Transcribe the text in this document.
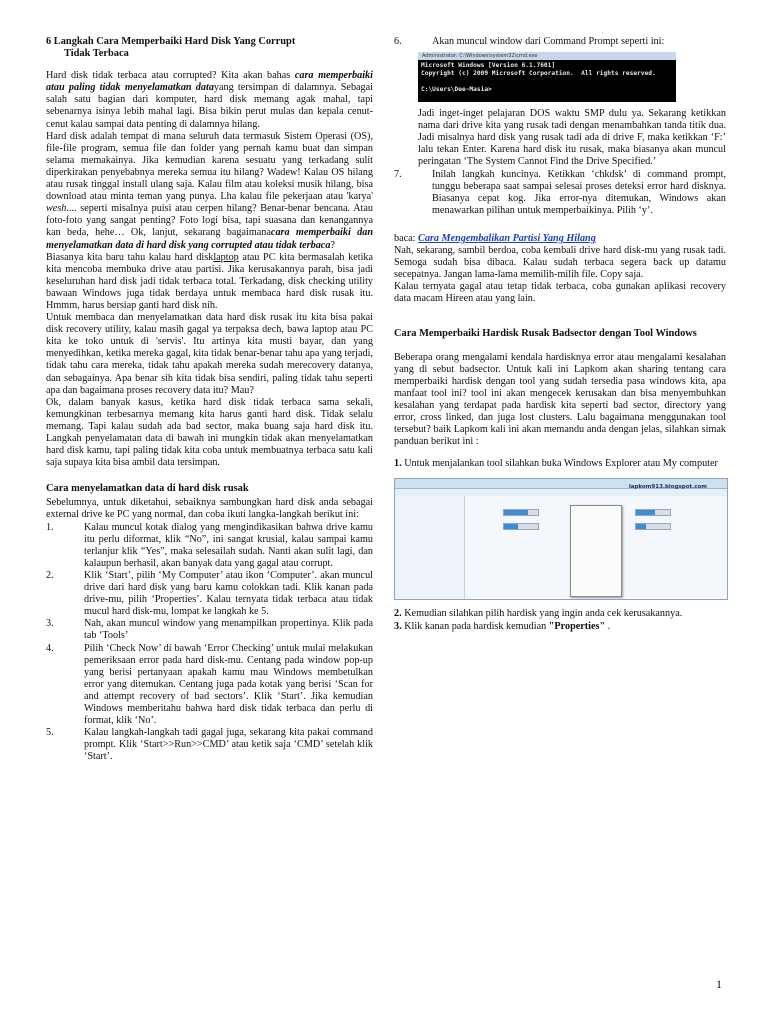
6 Langkah Cara Memperbaiki Hard Disk Yang Corrupt
Tidak Terbaca

Hard disk tidak terbaca atau corrupted? Kita akan bahas cara memperbaiki atau paling tidak menyelamatkan datayang tersimpan di dalamnya. Sebagai salah satu bagian dari komputer, hard disk memang agak mahal, tapi sebenarnya isinya lebih mahal lagi. Bisa bikin perut mulas dan kepala cenut-cenut kalau sampai data penting di dalamnya hilang.

Hard disk adalah tempat di mana seluruh data termasuk Sistem Operasi (OS), file-file program, semua file dan folder yang pernah kamu buat dan simpan selama memakainya. Jika kemudian karena sesuatu yang terkadang sulit diperkirakan penyebabnya mereka semua itu hilang? Wadew! Kalau OS hilang atau rusak tinggal install ulang saja. Kalau film atau koleksi musik hilang, bisa download atau minta teman yang punya. Lha kalau file pekerjaan atau 'karya' wesh.... seperti misalnya puisi atau cerpen hilang? Benar-benar bencana. Atau foto-foto yang sangat penting? Foto logi bisa, tapi suasana dan kenangannya kan beda, hehe… Ok, lanjut, sekarang bagaimanacara memperbaiki dan menyelamatkan data di hard disk yang corrupted atau tidak terbaca?

Biasanya kita baru tahu kalau hard disklaptop atau PC kita bermasalah ketika kita mencoba membuka drive atau partisi. Jika kerusakannya parah, bisa jadi keseluruhan hard disk jadi tidak terbaca total. Terkadang, disk checking utility bawaan Windows juga tidak berdaya untuk membaca hard disk rusak itu. Hmmm, harus bersiap ganti hard disk nih.

Untuk membaca dan menyelamatkan data hard disk rusak itu kita bisa pakai disk recovery utility, kalau masih gagal ya terpaksa dech, bawa laptop atau PC kita ke toko untuk di 'servis'. Itu artinya kita musti bayar, dan yang menyedihkan, ketika mereka gagal, kita tidak benar-benar tahu apa yang terjadi, tidak tahu cara mereka, tidak tahu apakah mereka sudah merecovery datanya, dan sebagainya. Apa benar sih kita tidak bisa sendiri, paling tidak tahu seperti apa dan bagaimana proses recovery data itu? Mau?

Ok, dalam banyak kasus, ketika hard disk tidak terbaca sama sekali, kemungkinan terbesarnya memang kita harus ganti hard disk. Tidak selalu memang. Tapi kalau sudah ada bad sector, maka buang saja hard disk itu. Langkah penyelamatan data di bawah ini mungkin tidak akan menyelamatkan hard disk kamu, tapi paling tidak kita coba untuk membuatnya terbaca satu kali saja supaya kita bisa ambil data tersimpan.

Cara menyelamatkan data di hard disk rusak

Sebelumnya, untuk diketahui, sebaiknya sambungkan hard disk anda sebagai external drive ke PC yang normal, dan coba ikuti langka-langkah berikut ini:

1.	Kalau muncul kotak dialog yang mengindikasikan bahwa drive kamu itu perlu diformat, klik “No”, ini sangat krusial, kalau sampai kamu terlanjur klik “Yes”, maka selesailah sudah. Nanti akan sulit lagi, dan kalaupun berhasil, akan banyak data yang gagal atau corrupt.
2.	Klik ‘Start’, pilih ‘My Computer’ atau ikon ‘Computer’. akan muncul drive dari hard disk yang baru kamu colokkan tadi. Klik kanan pada drive-mu, pilih ‘Properties’. Kalau ternyata tidak terbaca atau tidak mucul hard disk-mu, lompat ke langkah ke 5.
3.	Nah, akan muncul window yang menampilkan propertinya. Klik pada tab ‘Tools’
4.	Pilih ‘Check Now’ di bawah ‘Error Checking’ untuk mulai melakukan pemeriksaan error pada hard disk-mu. Centang pada window pop-up yang berisi pertanyaan apakah kamu mau Windows membetulkan error yang ditemukan. Centang juga pada kotak yang berisi ‘Scan for and attempt recovery of bad sectors’. Klik ‘Start’. Jika kemudian Windows memberitahu bahwa hard disk tidak terbaca dan perlu di format, klik ‘No’.
5.	Kalau langkah-langkah tadi gagal juga, sekarang kita pakai command prompt. Klik ‘Start>>Run>>CMD’ atau ketik saja ‘CMD’ setelah klik ‘Start’.
6.	Akan muncul window dari Command Prompt seperti ini:
Administrator: C:\Windows\system32\cmd.exe
Microsoft Windows [Version 6.1.7601]
Copyright (c) 2009 Microsoft Corporation.  All rights reserved.

C:\Users\Dee-Masia>

Jadi inget-inget pelajaran DOS waktu SMP dulu ya. Sekarang ketikkan nama dari drive kita yang rusak tadi dengan menambahkan tanda titik dua. Jadi misalnya hard disk yang rusak tadi ada di drive F, maka ketikkan ‘F:’ lalu tekan Enter. Karena hard disk itu rusak, maka biasanya akan muncul peringatan ‘The System Cannot Find the Drive Specified.’

7.	Inilah langkah kuncinya. Ketikkan ‘chkdsk’ di command prompt, tunggu beberapa saat sampai selesai proses deteksi error hard disknya. Biasanya cepat kog. Jika error-nya ditemukan, Windows akan menawarkan pilihan untuk memperbaikinya. Pilih ‘y’.

baca: Cara Mengembalikan Partisi Yang Hilang

Nah, sekarang, sambil berdoa, coba kembali drive hard disk-mu yang rusak tadi. Semoga sudah bisa dibaca. Kalau sudah terbaca segera back up datamu secepatnya. Jangan lama-lama memilih-milih file. Copy saja.

Kalau ternyata gagal atau tetap tidak terbaca, coba gunakan aplikasi recovery data macam Hireen atau yang lain.

Cara Memperbaiki Hardisk Rusak Badsector dengan Tool Windows

Beberapa orang mengalami kendala hardisknya error atau mengalami kesalahan yang di sebut badsector. Untuk kali ini Lapkom akan sharing tentang cara memperbaiki hardisk dengan tool yang sudah tersedia pasa windows kita, apa manfaat tool ini? tool ini akan mengecek kerusakan dan bisa menyembuhkan kesalahan yang terdapat pada hardisk kita seperti bad sector, directory yang error, cross linked, dan juga lost clusters. Lalu bagaimana menggunakan tool tersebut? baik Lapkom kali ini akan memandu anda dengan jelas, silahkan simak panduan berikut ini :

1. Untuk menjalankan tool silahkan buka Windows Explorer atau My computer

lapkom913.blogspot.com

2. Kemudian silahkan pilih hardisk yang ingin anda cek kerusakannya.

3. Klik kanan pada hardisk kemudian "Properties" .

1
